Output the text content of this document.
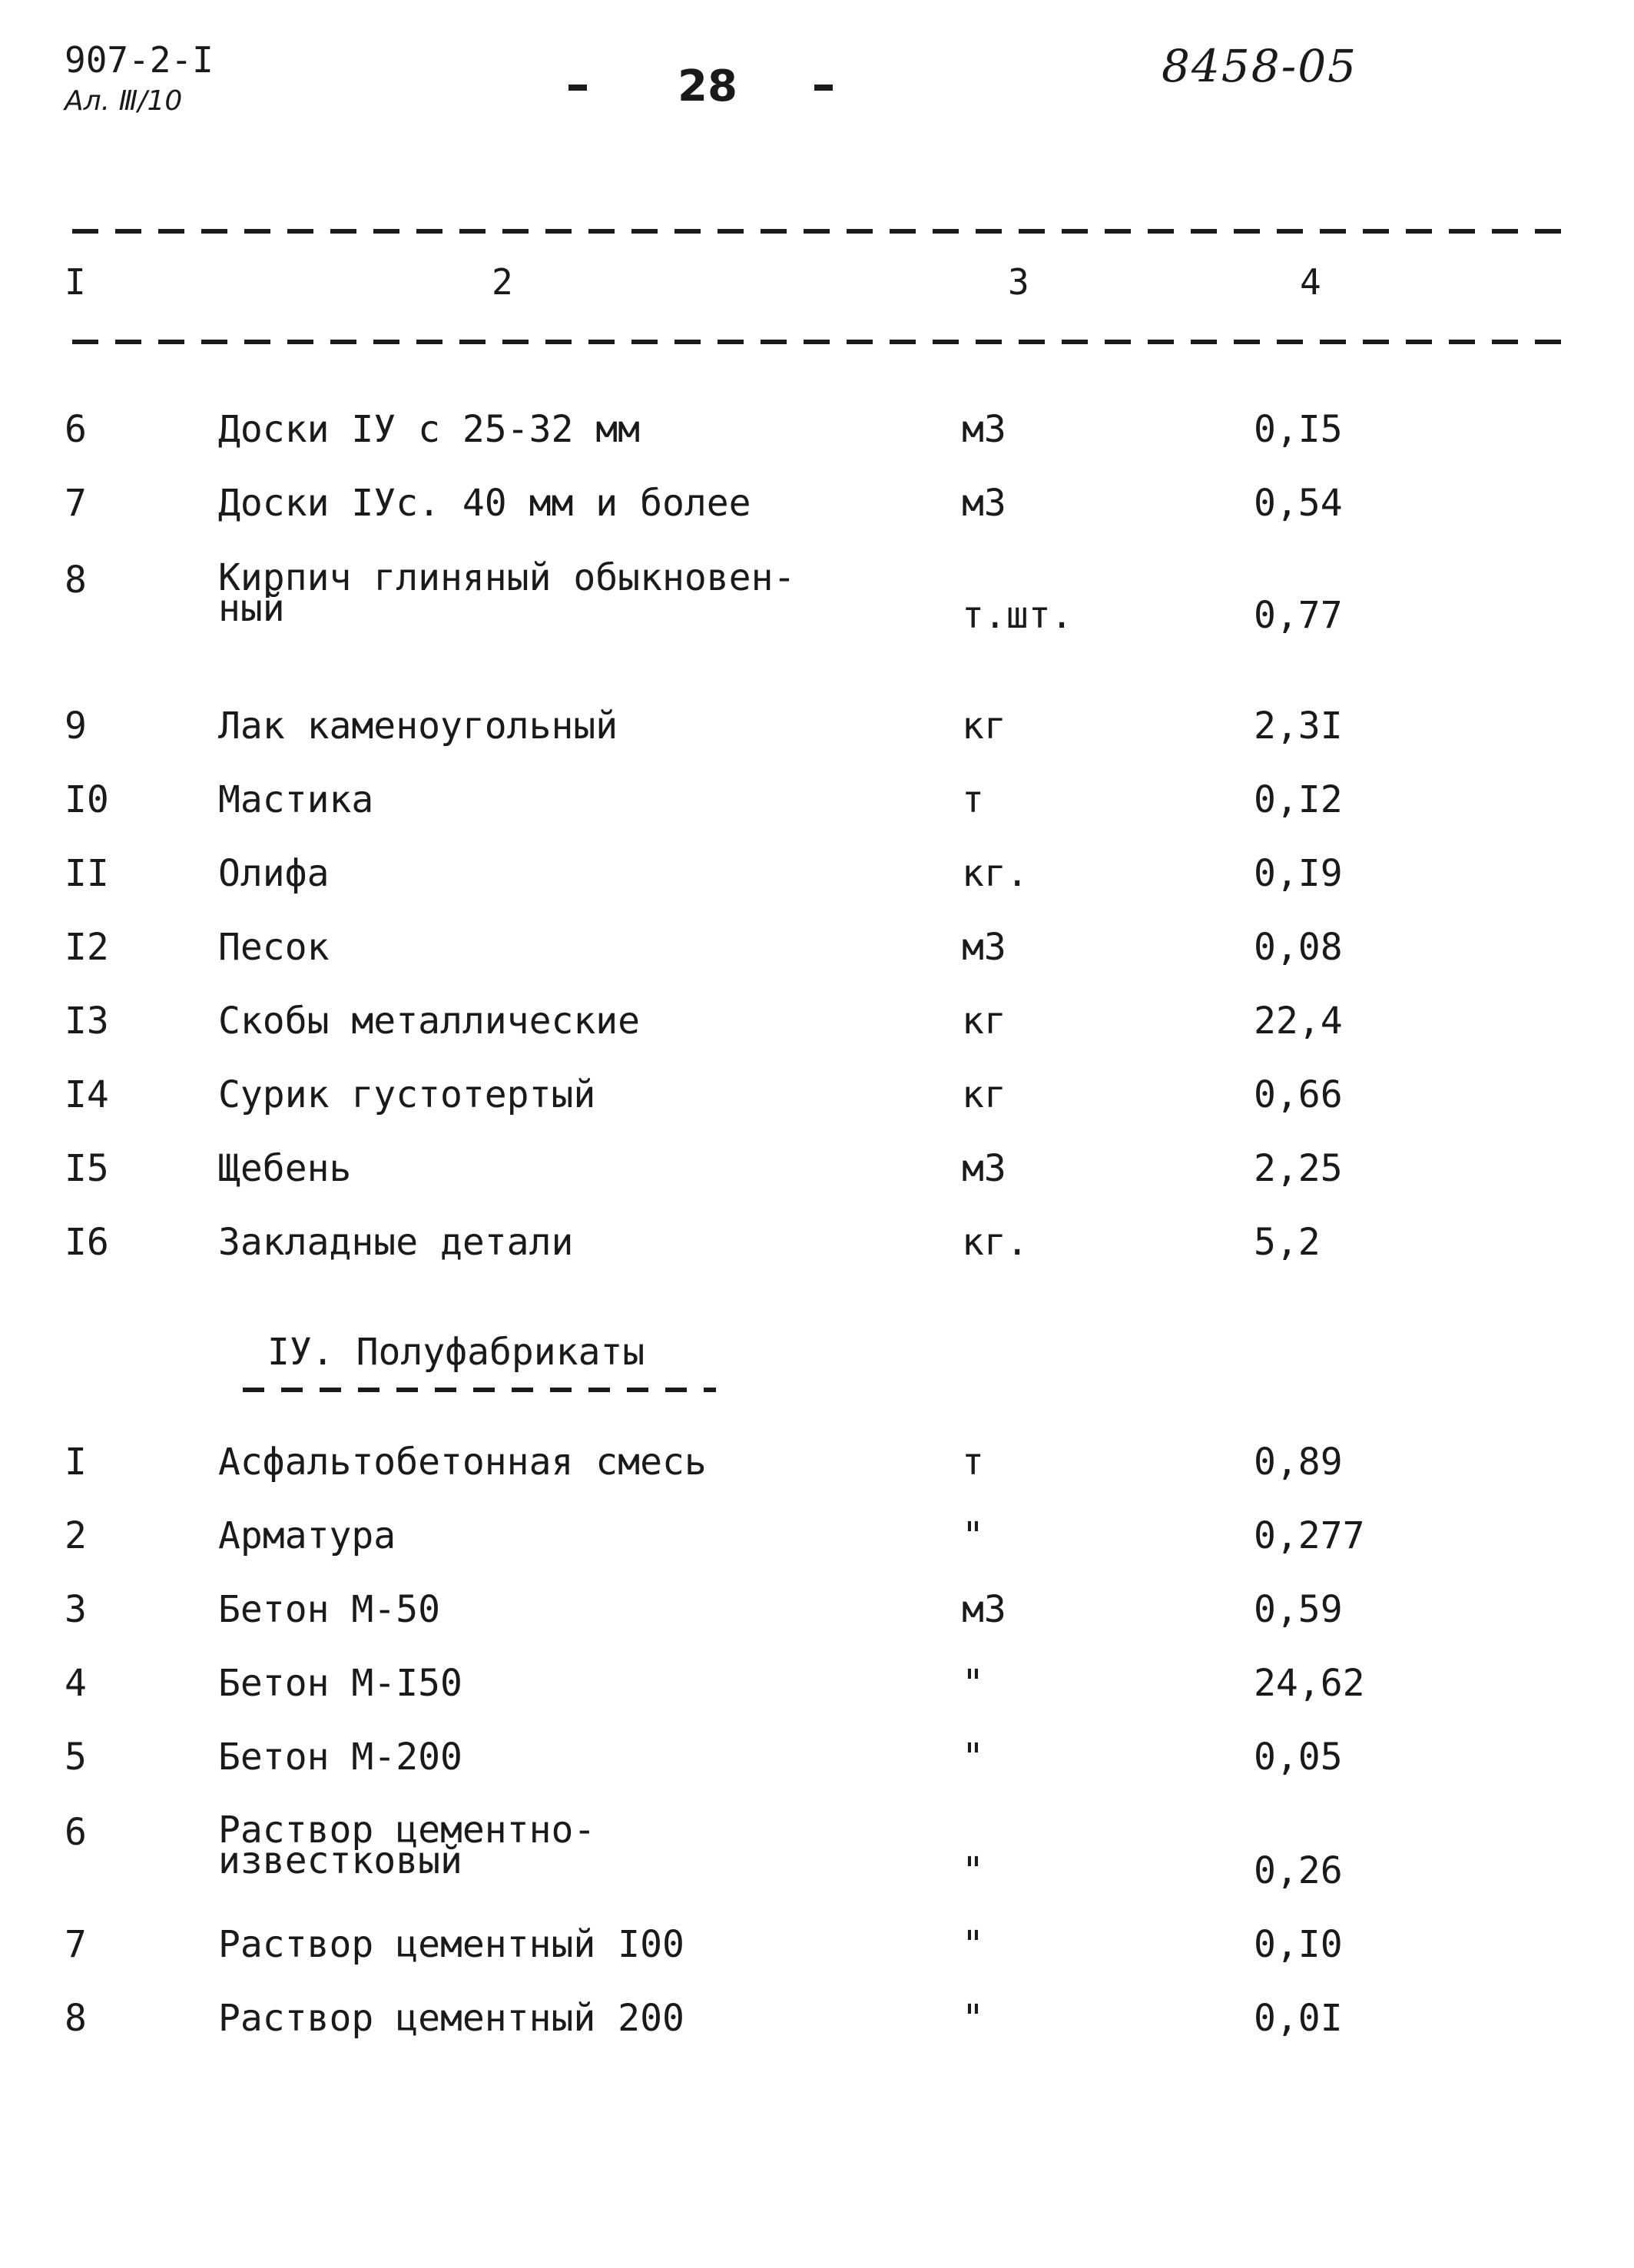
907-2-I
Ал. Ⅲ/10	28	8458-05
I	2	3	4
6	Доски IУ с 25-32 мм	м3	0,I5
7	Доски IУс. 40 мм и более	м3	0,54
8	Кирпич глиняный обыкновен-
ный	т.шт.	0,77
9	Лак каменоугольный	кг	2,3I
I0	Мастика	т	0,I2
II	Олифа	кг.	0,I9
I2	Песок	м3	0,08
I3	Скобы металлические	кг	22,4
I4	Сурик густотертый	кг	0,66
I5	Щебень	м3	2,25
I6	Закладные детали	кг.	5,2
IУ. Полуфабрикаты
I	Асфальтобетонная смесь	т	0,89
2	Арматура	"	0,277
3	Бетон М-50	м3	0,59
4	Бетон М-I50	"	24,62
5	Бетон М-200	"	0,05
6	Раствор цементно-
известковый	"	0,26
7	Раствор цементный I00	"	0,I0
8	Раствор цементный 200	"	0,0I
